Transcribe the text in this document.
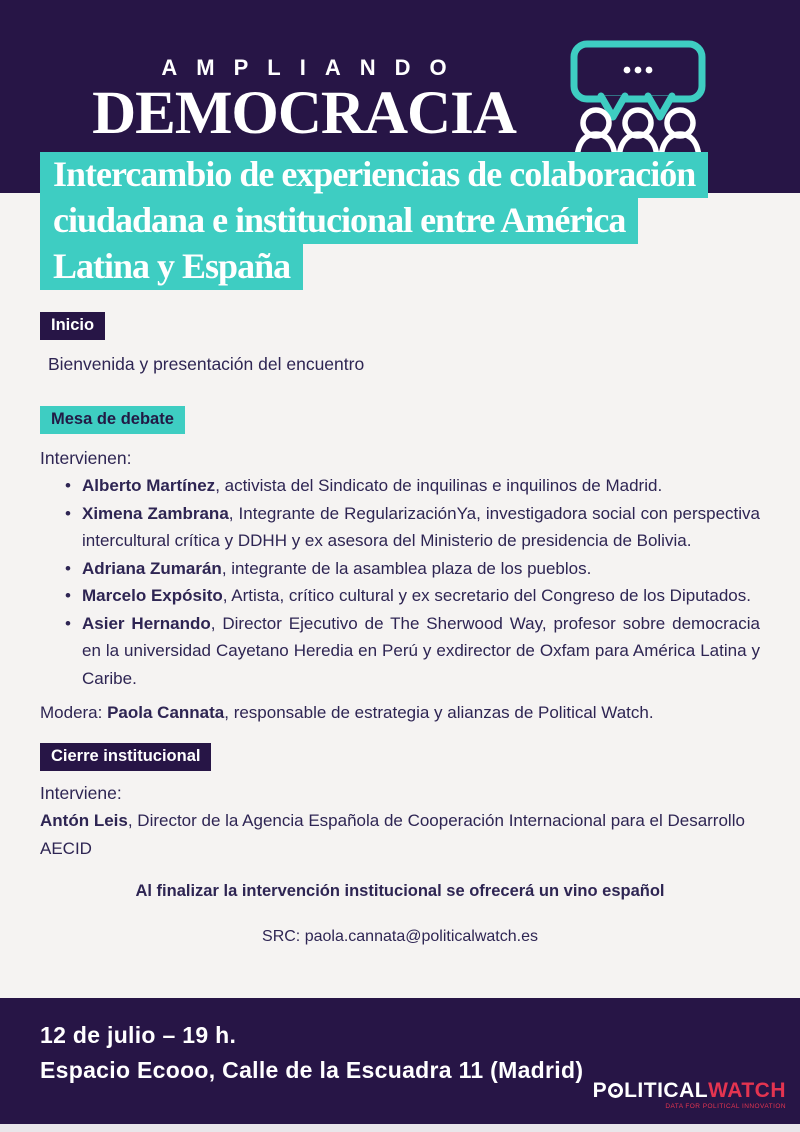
AMPLIANDO
DEMOCRACIA
Intercambio de experiencias de colaboración
ciudadana e institucional entre América
Latina y España
Inicio

Bienvenida y presentación del encuentro

Mesa de debate

Intervienen:

• Alberto Martínez, activista del Sindicato de inquilinas e inquilinos de Madrid.
• Ximena Zambrana, Integrante de RegularizaciónYa, investigadora social con perspectiva intercultural crítica y DDHH y ex asesora del Ministerio de presidencia de Bolivia.
• Adriana Zumarán, integrante de la asamblea plaza de los pueblos.
• Marcelo Expósito, Artista, crítico cultural y ex secretario del Congreso de los Diputados.
• Asier Hernando, Director Ejecutivo de The Sherwood Way, profesor sobre democracia en la universidad Cayetano Heredia en Perú y exdirector de Oxfam para América Latina y Caribe.

Modera: Paola Cannata, responsable de estrategia y alianzas de Political Watch.

Cierre institucional

Interviene:

Antón Leis, Director de la Agencia Española de Cooperación Internacional para el Desarrollo AECID

Al finalizar la intervención institucional se ofrecerá un vino español

SRC: paola.cannata@politicalwatch.es

12 de julio – 19 h.
Espacio Ecooo, Calle de la Escuadra 11 (Madrid)
P LITICAL WATCH
DATA FOR POLITICAL INNOVATION
